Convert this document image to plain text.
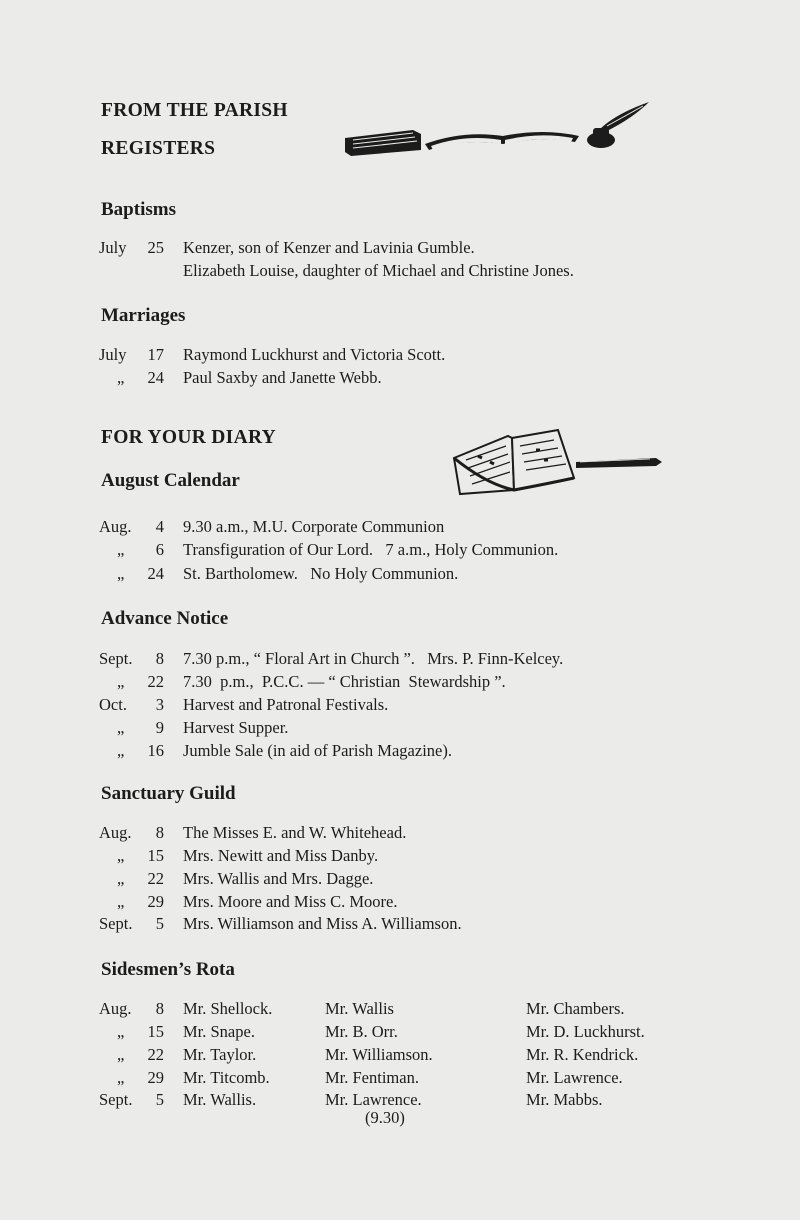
FROM THE PARISH
REGISTERS
Baptisms
July	25 Kenzer, son of Kenzer and Lavinia Gumble.
Elizabeth Louise, daughter of Michael and Christine Jones.
Marriages
July	17 Raymond Luckhurst and Victoria Scott.
„	24 Paul Saxby and Janette Webb.
FOR YOUR DIARY
August Calendar
Aug.	4 9.30 a.m., M.U. Corporate Communion
„	6 Transfiguration of Our Lord.   7 a.m., Holy Communion.
„	24 St. Bartholomew.   No Holy Communion.
Advance Notice
Sept.	8 7.30 p.m., “ Floral Art in Church ”.   Mrs. P. Finn-Kelcey.
„	22 7.30  p.m.,  P.C.C. — “ Christian  Stewardship ”.
Oct.	3 Harvest and Patronal Festivals.
„	9 Harvest Supper.
„	16 Jumble Sale (in aid of Parish Magazine).
Sanctuary Guild
Aug.	8 The Misses E. and W. Whitehead.
„	15 Mrs. Newitt and Miss Danby.
„	22 Mrs. Wallis and Mrs. Dagge.
„	29 Mrs. Moore and Miss C. Moore.
Sept.	5 Mrs. Williamson and Miss A. Williamson.
Sidesmen’s Rota
Aug.	8 Mr. Shellock.	Mr. Wallis	Mr. Chambers.
„	15 Mr. Snape.	Mr. B. Orr.	Mr. D. Luckhurst.
„	22 Mr. Taylor.	Mr. Williamson.	Mr. R. Kendrick.
„	29 Mr. Titcomb.	Mr. Fentiman.	Mr. Lawrence.
Sept.	5 Mr. Wallis.	Mr. Lawrence.	Mr. Mabbs.
(9.30)
